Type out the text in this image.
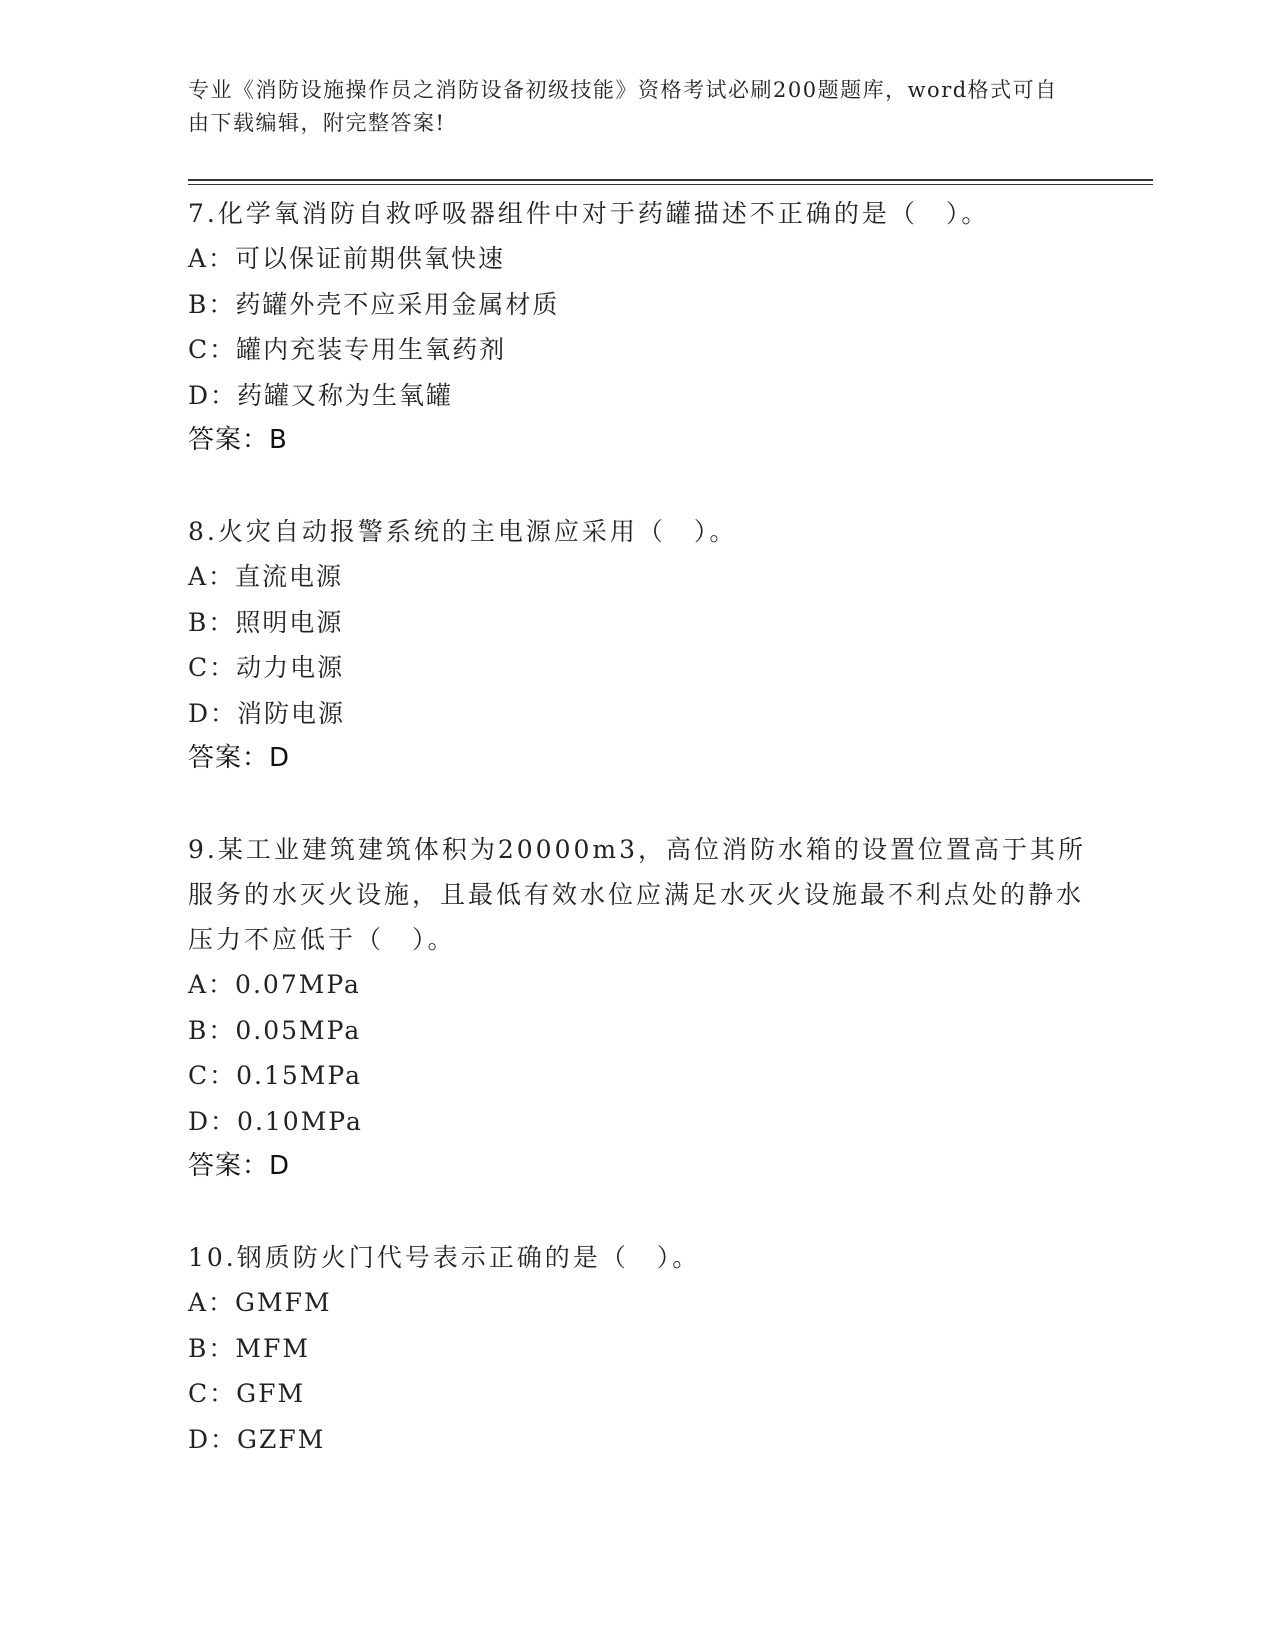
专业《消防设施操作员之消防设备初级技能》资格考试必刷200题题库，word格式可自由下载编辑，附完整答案!

7.化学氧消防自救呼吸器组件中对于药罐描述不正确的是（　）。

A：可以保证前期供氧快速

B：药罐外壳不应采用金属材质

C：罐内充装专用生氧药剂

D：药罐又称为生氧罐

答案：B

8.火灾自动报警系统的主电源应采用（　）。

A：直流电源

B：照明电源

C：动力电源

D：消防电源

答案：D

9.某工业建筑建筑体积为20000m3，高位消防水箱的设置位置高于其所服务的水灭火设施，且最低有效水位应满足水灭火设施最不利点处的静水压力不应低于（　）。

A：0.07MPa

B：0.05MPa

C：0.15MPa

D：0.10MPa

答案：D

10.钢质防火门代号表示正确的是（　）。

A：GMFM

B：MFM

C：GFM

D：GZFM
